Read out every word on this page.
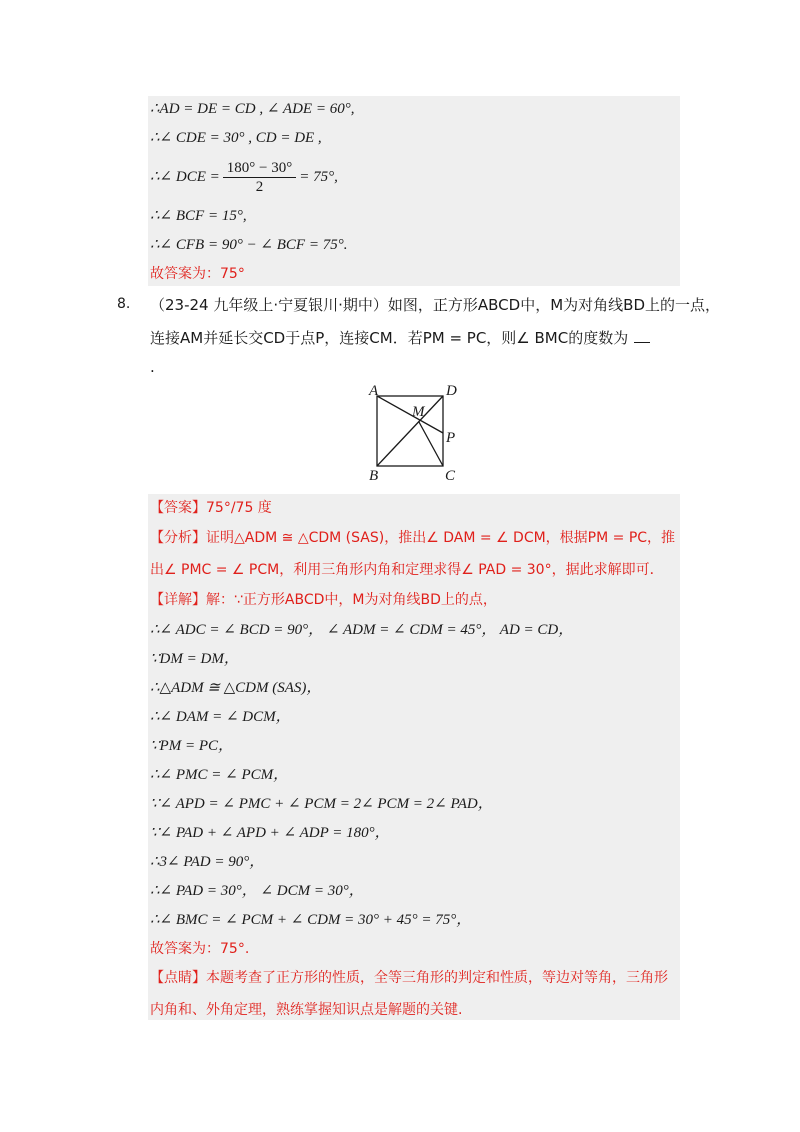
∴AD = DE = CD , ∠ ADE = 60°,
∴∠ CDE = 30° , CD = DE ,
∴∠ DCE = $\frac{180^\circ - 30^\circ}{2} = 75^\circ$,
∴∠ BCF = 15°,
∴∠ CFB = 90° − ∠ BCF = 75°.
故答案为：75°
8. （23-24 九年级上·宁夏银川·期中）如图，正方形ABCD中，M为对角线BD上的一点，
连接AM并延长交CD于点P，连接CM．若PM = PC，则∠ BMC的度数为
.
A	D
M
P
B	C
【答案】75°/75 度
【分析】证明△ADM ≅ △CDM (SAS)，推出∠ DAM = ∠ DCM，根据PM = PC，推
出∠ PMC = ∠ PCM，利用三角形内角和定理求得∠ PAD = 30°，据此求解即可．
【详解】解：∵正方形ABCD中，M为对角线BD上的点，
∴∠ ADC = ∠ BCD = 90°， ∠ ADM = ∠ CDM = 45°， AD = CD，
∵DM = DM，
∴△ADM ≅ △CDM (SAS)，
∴∠ DAM = ∠ DCM，
∵PM = PC，
∴∠ PMC = ∠ PCM，
∵∠ APD = ∠ PMC + ∠ PCM = 2∠ PCM = 2∠ PAD，
∵∠ PAD + ∠ APD + ∠ ADP = 180°，
∴3∠ PAD = 90°，
∴∠ PAD = 30°， ∠ DCM = 30°，
∴∠ BMC = ∠ PCM + ∠ CDM = 30° + 45° = 75°，
故答案为：75°.
【点睛】本题考查了正方形的性质，全等三角形的判定和性质，等边对等角，三角形
内角和、外角定理，熟练掌握知识点是解题的关键.
